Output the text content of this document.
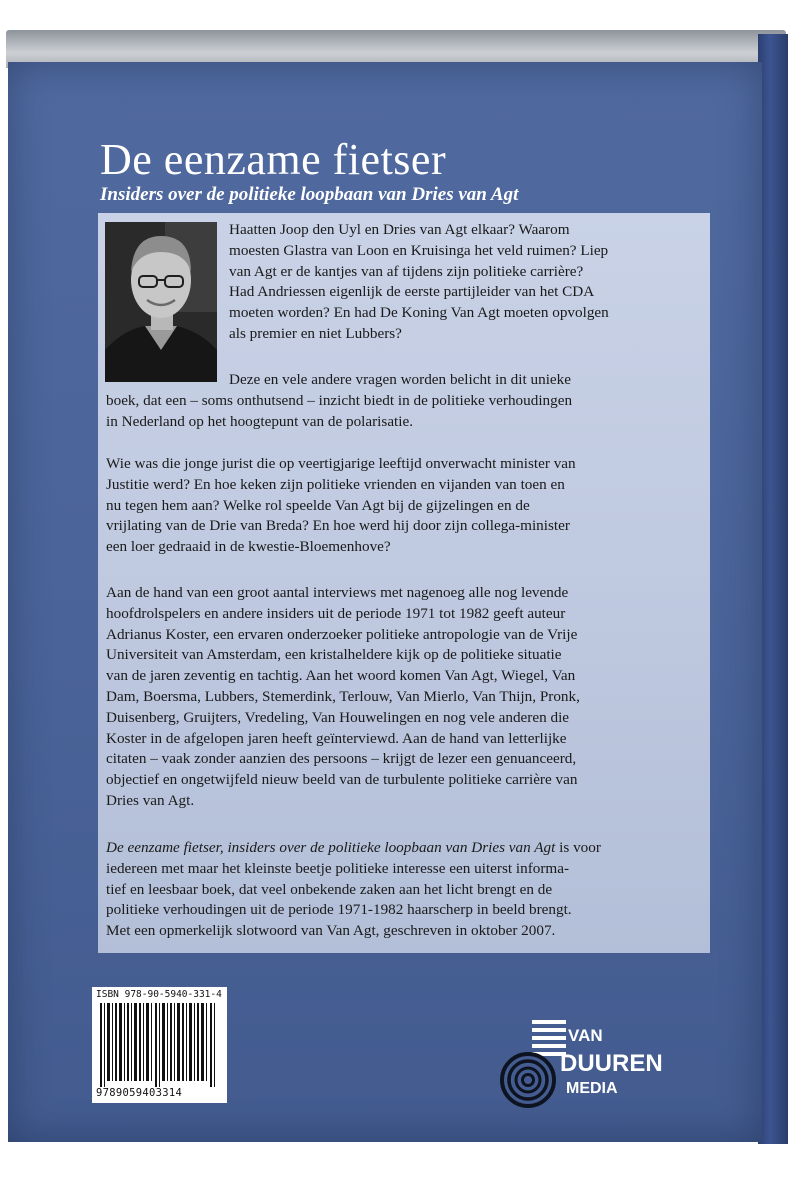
De eenzame fietser
Insiders over de politieke loopbaan van Dries van Agt

Haatten Joop den Uyl en Dries van Agt elkaar? Waarom
moesten Glastra van Loon en Kruisinga het veld ruimen? Liep
van Agt er de kantjes van af tijdens zijn politieke carrière?
Had Andriessen eigenlijk de eerste partijleider van het CDA
moeten worden? En had De Koning Van Agt moeten opvolgen
als premier en niet Lubbers?

Deze en vele andere vragen worden belicht in dit unieke
boek, dat een – soms onthutsend – inzicht biedt in de politieke verhoudingen
in Nederland op het hoogtepunt van de polarisatie.

Wie was die jonge jurist die op veertigjarige leeftijd onverwacht minister van
Justitie werd? En hoe keken zijn politieke vrienden en vijanden van toen en
nu tegen hem aan? Welke rol speelde Van Agt bij de gijzelingen en de
vrijlating van de Drie van Breda? En hoe werd hij door zijn collega-minister
een loer gedraaid in de kwestie-Bloemenhove?

Aan de hand van een groot aantal interviews met nagenoeg alle nog levende
hoofdrolspelers en andere insiders uit de periode 1971 tot 1982 geeft auteur
Adrianus Koster, een ervaren onderzoeker politieke antropologie van de Vrije
Universiteit van Amsterdam, een kristalheldere kijk op de politieke situatie
van de jaren zeventig en tachtig. Aan het woord komen Van Agt, Wiegel, Van
Dam, Boersma, Lubbers, Stemerdink, Terlouw, Van Mierlo, Van Thijn, Pronk,
Duisenberg, Gruijters, Vredeling, Van Houwelingen en nog vele anderen die
Koster in de afgelopen jaren heeft geïnterviewd. Aan de hand van letterlijke
citaten – vaak zonder aanzien des persoons – krijgt de lezer een genuanceerd,
objectief en ongetwijfeld nieuw beeld van de turbulente politieke carrière van
Dries van Agt.

De eenzame fietser, insiders over de politieke loopbaan van Dries van Agt is voor
iedereen met maar het kleinste beetje politieke interesse een uiterst informa-
tief en leesbaar boek, dat veel onbekende zaken aan het licht brengt en de
politieke verhoudingen uit de periode 1971-1982 haarscherp in beeld brengt.
Met een opmerkelijk slotwoord van Van Agt, geschreven in oktober 2007.

ISBN 978-90-5940-331-4

9789059403314

VAN

DUUREN

MEDIA
